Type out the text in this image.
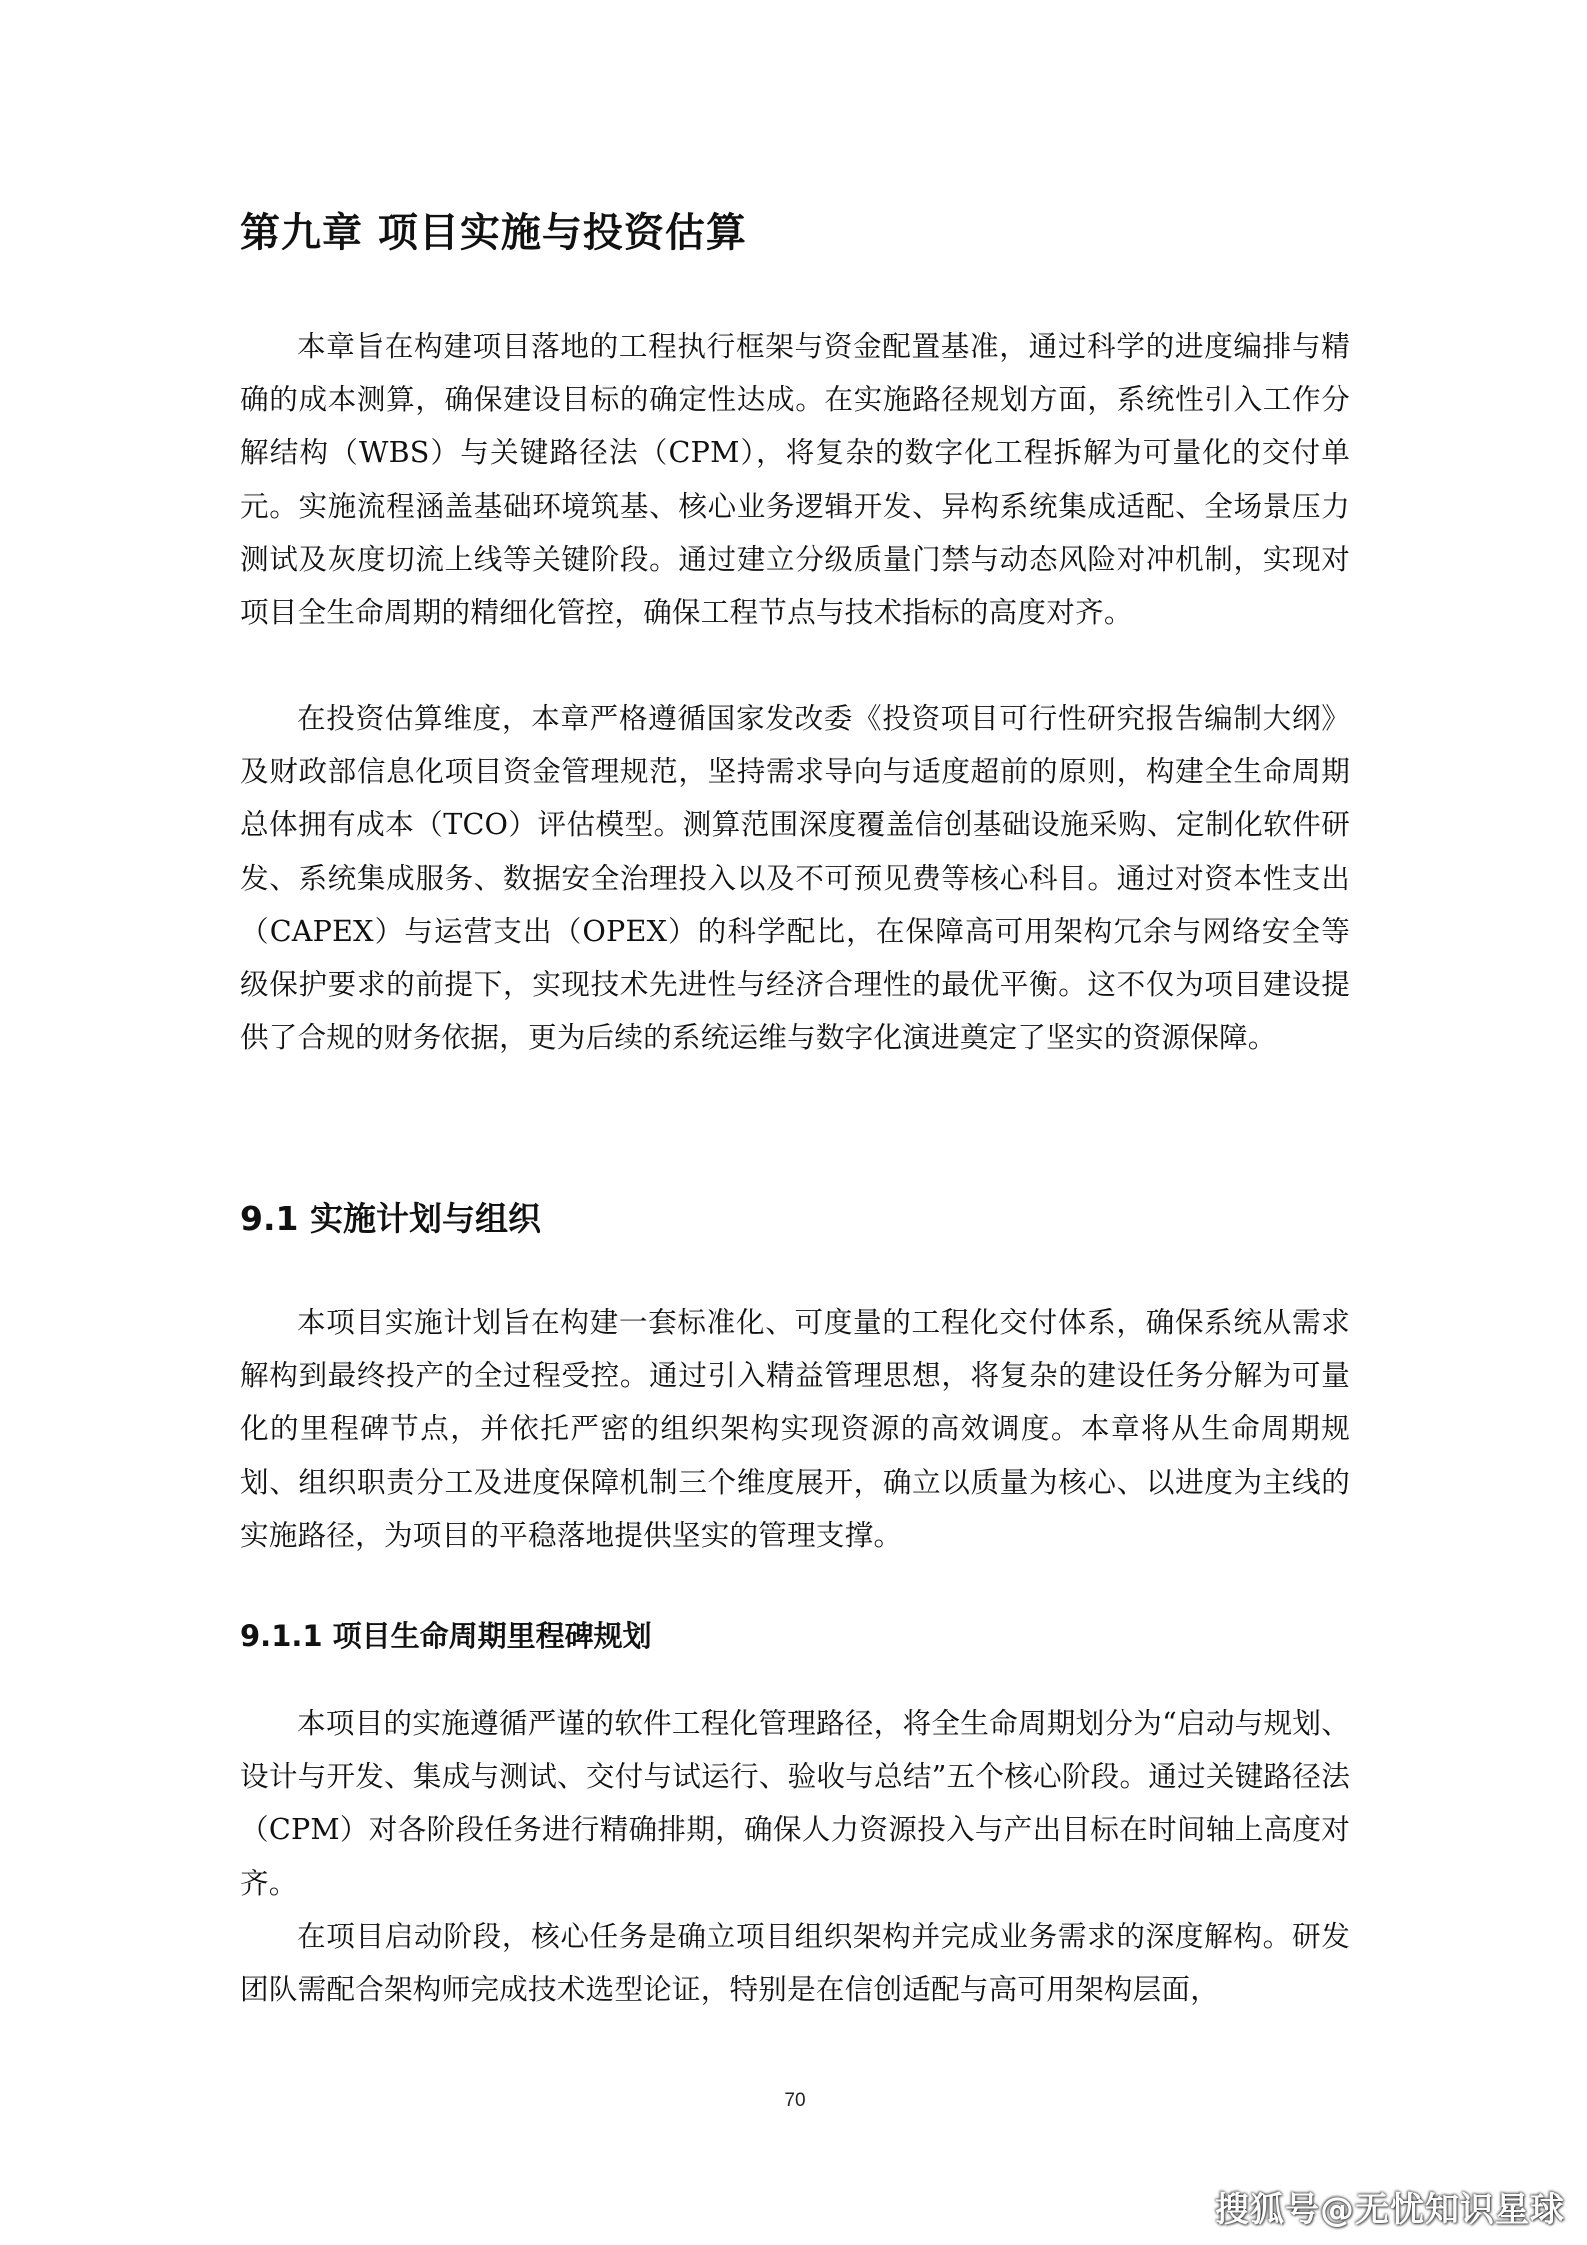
第九章 项目实施与投资估算

本章旨在构建项目落地的工程执行框架与资金配置基准，通过科学的进度编排与精确的成本测算，确保建设目标的确定性达成。在实施路径规划方面，系统性引入工作分解结构（WBS）与关键路径法（CPM），将复杂的数字化工程拆解为可量化的交付单元。实施流程涵盖基础环境筑基、核心业务逻辑开发、异构系统集成适配、全场景压力测试及灰度切流上线等关键阶段。通过建立分级质量门禁与动态风险对冲机制，实现对项目全生命周期的精细化管控，确保工程节点与技术指标的高度对齐。

在投资估算维度，本章严格遵循国家发改委《投资项目可行性研究报告编制大纲》及财政部信息化项目资金管理规范，坚持需求导向与适度超前的原则，构建全生命周期总体拥有成本（TCO）评估模型。测算范围深度覆盖信创基础设施采购、定制化软件研发、系统集成服务、数据安全治理投入以及不可预见费等核心科目。通过对资本性支出（CAPEX）与运营支出（OPEX）的科学配比，在保障高可用架构冗余与网络安全等级保护要求的前提下，实现技术先进性与经济合理性的最优平衡。这不仅为项目建设提供了合规的财务依据，更为后续的系统运维与数字化演进奠定了坚实的资源保障。

9.1 实施计划与组织

本项目实施计划旨在构建一套标准化、可度量的工程化交付体系，确保系统从需求解构到最终投产的全过程受控。通过引入精益管理思想，将复杂的建设任务分解为可量化的里程碑节点，并依托严密的组织架构实现资源的高效调度。本章将从生命周期规划、组织职责分工及进度保障机制三个维度展开，确立以质量为核心、以进度为主线的实施路径，为项目的平稳落地提供坚实的管理支撑。

9.1.1 项目生命周期里程碑规划

本项目的实施遵循严谨的软件工程化管理路径，将全生命周期划分为“启动与规划、设计与开发、集成与测试、交付与试运行、验收与总结”五个核心阶段。通过关键路径法（CPM）对各阶段任务进行精确排期，确保人力资源投入与产出目标在时间轴上高度对齐。

在项目启动阶段，核心任务是确立项目组织架构并完成业务需求的深度解构。研发团队需配合架构师完成技术选型论证，特别是在信创适配与高可用架构层面，

70
搜狐号@无忧知识星球
